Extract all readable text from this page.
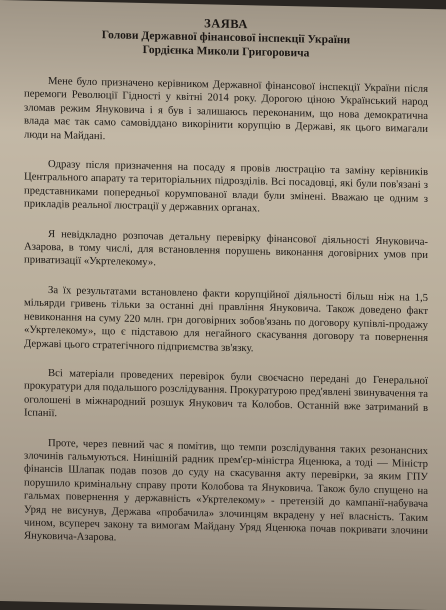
ЗАЯВА
Голови Державної фінансової інспекції України
Гордієнка Миколи Григоровича

Мене було призначено керівником Державної фінансової інспекції України після перемоги Революції Гідності у квітні 2014 року. Дорогою ціною Український народ зломав режим Януковича і я був і залишаюсь переконаним, що нова демократична влада має так само самовіддано викорінити корупцію в Державі, як цього вимагали люди на Майдані.

Одразу після призначення на посаду я провів люстрацію та заміну керівників Центрального апарату та територіальних підрозділів. Всі посадовці, які були пов'язані з представниками попередньої корумпованої влади були змінені. Вважаю це одним з прикладів реальної люстрації у державних органах.

Я невідкладно розпочав детальну перевірку фінансової діяльності Януковича-Азарова, в тому числі, для встановлення порушень виконання договірних умов при приватизації «Укртелекому».

За їх результатами встановлено факти корупційної діяльності більш ніж на 1,5 мільярди гривень тільки за останні дні правління Януковича. Також доведено факт невиконання на суму 220 млн. грн договірних зобов'язань по договору купівлі-продажу «Укртелекому», що є підставою для негайного скасування договору та повернення Державі цього стратегічного підприємства зв'язку.

Всі матеріали проведених перевірок були своєчасно передані до Генеральної прокуратури для подальшого розслідування. Прокуратурою пред'явлені звинувачення та оголошені в міжнародний розшук Янукович та Колобов. Останній вже затриманий в Іспанії.

Проте, через певний час я помітив, що темпи розслідування таких резонансних злочинів гальмуються. Нинішній радник прем'єр-міністра Яценюка, а тоді — Міністр фінансів Шлапак подав позов до суду на скасування акту перевірки, за яким ГПУ порушило кримінальну справу проти Колобова та Януковича. Також було спущено на гальмах повернення у державність «Укртелекому» - претензій до кампанії-набувача Уряд не висунув, Держава «пробачила» злочинцям вкрадену у неї власність. Таким чином, всупереч закону та вимогам Майдану Уряд Яценюка почав покривати злочини Януковича-Азарова.
